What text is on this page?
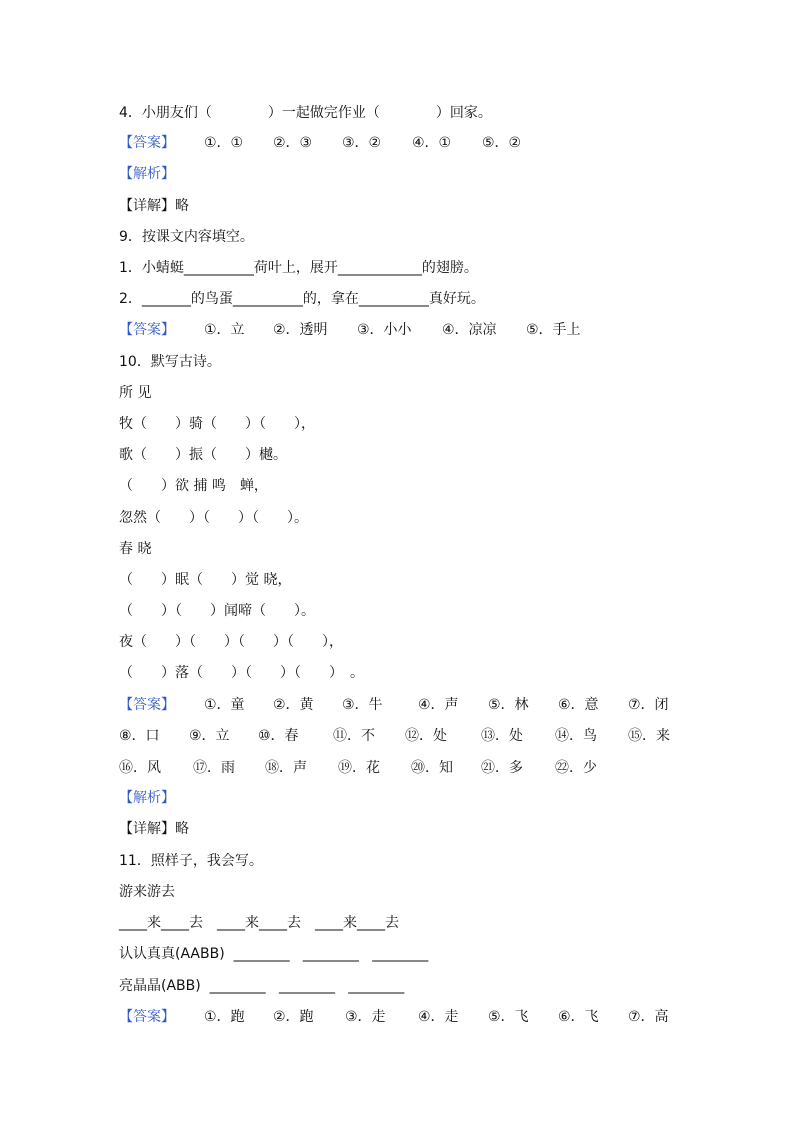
4．小朋友们（　　　　）一起做完作业（　　　　）回家。
【答案】 ①．① ②．③ ③．② ④．① ⑤．②
【解析】
【详解】略
9．按课文内容填空。
1．小蜻蜓__________荷叶上，展开____________的翅膀。
2．_______的鸟蛋__________的，拿在__________真好玩。
【答案】 ①．立 ②．透明 ③．小小 ④．凉凉 ⑤．手上
10．默写古诗。
所 见
牧（　　）骑（　　）（　　），
歌（　　）振（　　）樾。
（　　）欲 捕 鸣　蝉，
忽然（　　）（　　）（　　）。
春 晓
（　　）眠（　　）觉 晓，
（　　）（　　）闻啼（　　）。
夜（　　）（　　）（　　）（　　），
（　　）落（　　）（　　）（　　）　。
【答案】 ①．童 ②．黄 ③．牛	④．声 ⑤．林 ⑥．意 ⑦．闭
⑧．口 ⑨．立 ⑩．春 ⑪．不 ⑫．处 ⑬．处 ⑭．鸟 ⑮．来
⑯．风 ⑰．雨 ⑱．声 ⑲．花 ⑳．知 ㉑．多 ㉒．少
【解析】
【详解】略
11．照样子，我会写。
游来游去
____来____去　____来____去　____来____去
认认真真(AABB)  ________   ________   ________
亮晶晶(ABB)  ________   ________   ________
【答案】 ①．跑 ②．跑 ③．走 ④．走 ⑤．飞 ⑥．飞 ⑦．高
